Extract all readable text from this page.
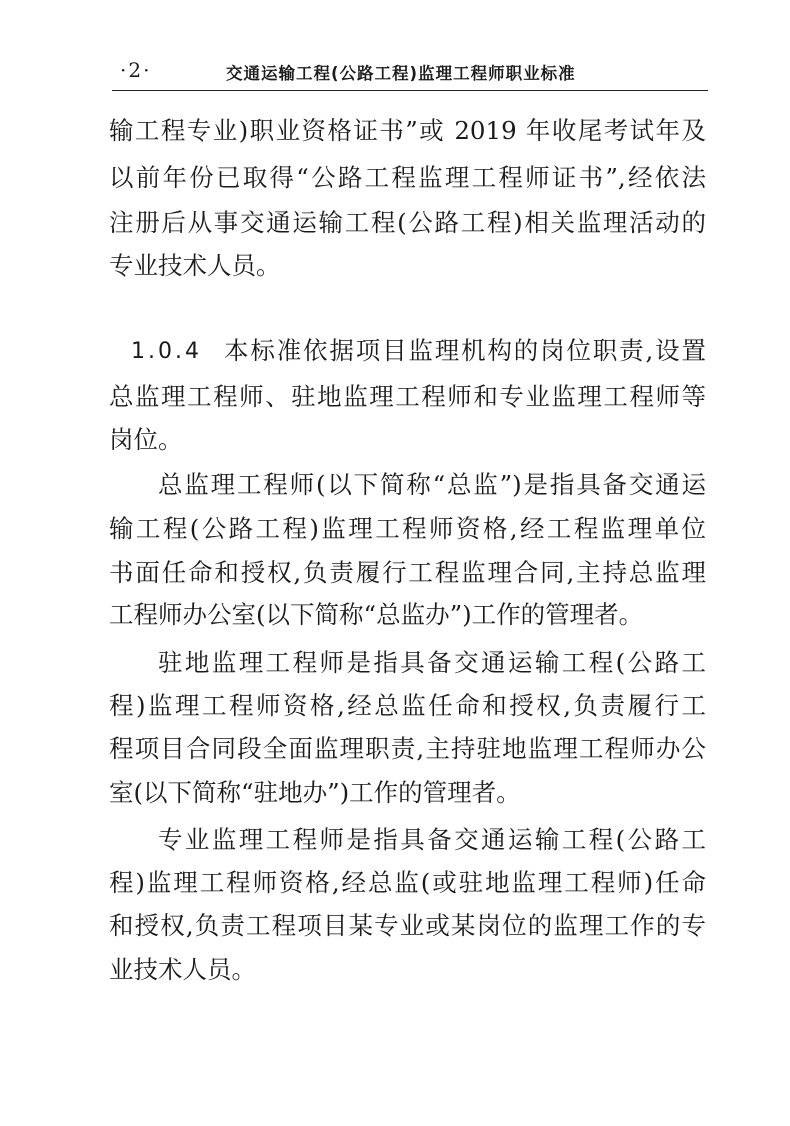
·2·	交通运输工程(公路工程)监理工程师职业标准
输工程专业)职业资格证书”或 2019 年收尾考试年及
以前年份已取得“公路工程监理工程师证书”,经依法
注册后从事交通运输工程(公路工程)相关监理活动的
专业技术人员。
1.0.4 本标准依据项目监理机构的岗位职责,设置
总监理工程师、驻地监理工程师和专业监理工程师等
岗位。
总监理工程师(以下简称“总监”)是指具备交通运
输工程(公路工程)监理工程师资格,经工程监理单位
书面任命和授权,负责履行工程监理合同,主持总监理
工程师办公室(以下简称“总监办”)工作的管理者。
驻地监理工程师是指具备交通运输工程(公路工
程)监理工程师资格,经总监任命和授权,负责履行工
程项目合同段全面监理职责,主持驻地监理工程师办公
室(以下简称“驻地办”)工作的管理者。
专业监理工程师是指具备交通运输工程(公路工
程)监理工程师资格,经总监(或驻地监理工程师)任命
和授权,负责工程项目某专业或某岗位的监理工作的专
业技术人员。
